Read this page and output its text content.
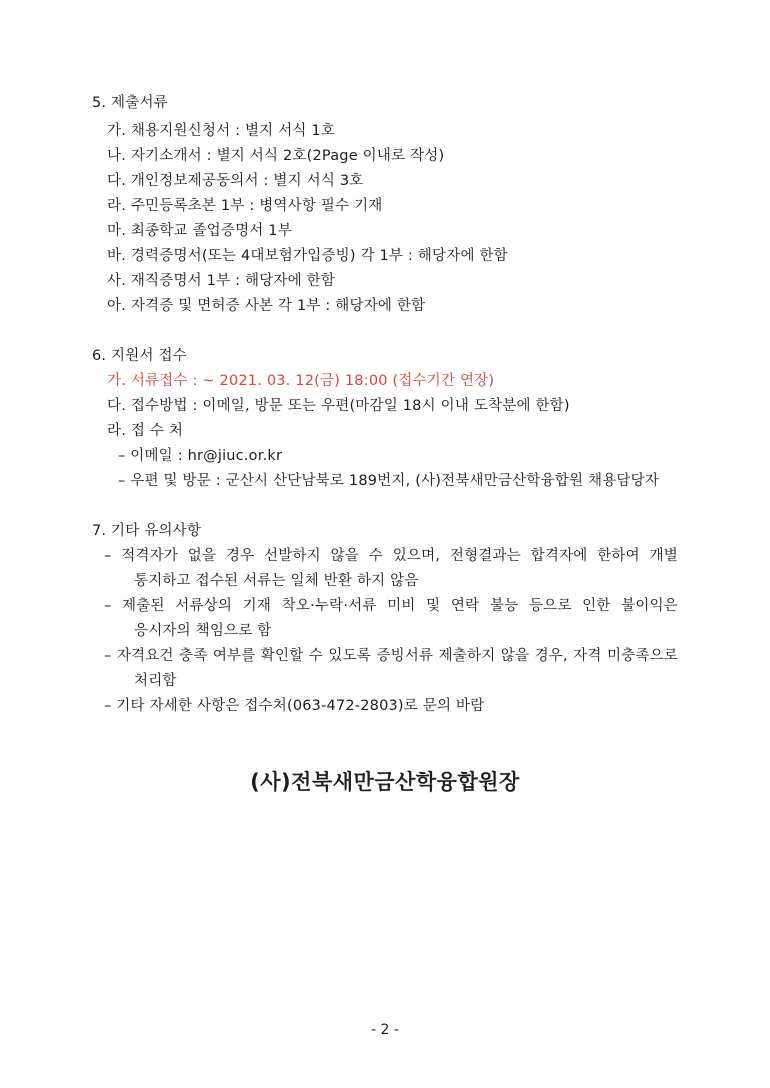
5. 제출서류
가. 채용지원신청서 : 별지 서식 1호
나. 자기소개서 : 별지 서식 2호(2Page 이내로 작성)
다. 개인정보제공동의서 : 별지 서식 3호
라. 주민등록초본 1부 : 병역사항 필수 기재
마. 최종학교 졸업증명서 1부
바. 경력증명서(또는 4대보험가입증빙) 각 1부 : 해당자에 한함
사. 재직증명서 1부 : 해당자에 한함
아. 자격증 및 면허증 사본 각 1부 : 해당자에 한함
6. 지원서 접수
가. 서류접수 : ~ 2021. 03. 12(금) 18:00 (접수기간 연장)
다. 접수방법 : 이메일, 방문 또는 우편(마감일 18시 이내 도착분에 한함)
라. 접 수 처
– 이메일 : hr@jiuc.or.kr
– 우편 및 방문 : 군산시 산단남북로 189번지, (사)전북새만금산학융합원 채용담당자
7. 기타 유의사항
– 적격자가 없을 경우 선발하지 않을 수 있으며, 전형결과는 합격자에 한하여 개별
통지하고 접수된 서류는 일체 반환 하지 않음
– 제출된 서류상의 기재 착오·누락·서류 미비 및 연락 불능 등으로 인한 불이익은
응시자의 책임으로 함
– 자격요건 충족 여부를 확인할 수 있도록 증빙서류 제출하지 않을 경우, 자격 미충족으로
처리함
– 기타 자세한 사항은 접수처(063-472-2803)로 문의 바람
(사)전북새만금산학융합원장
- 2 -
